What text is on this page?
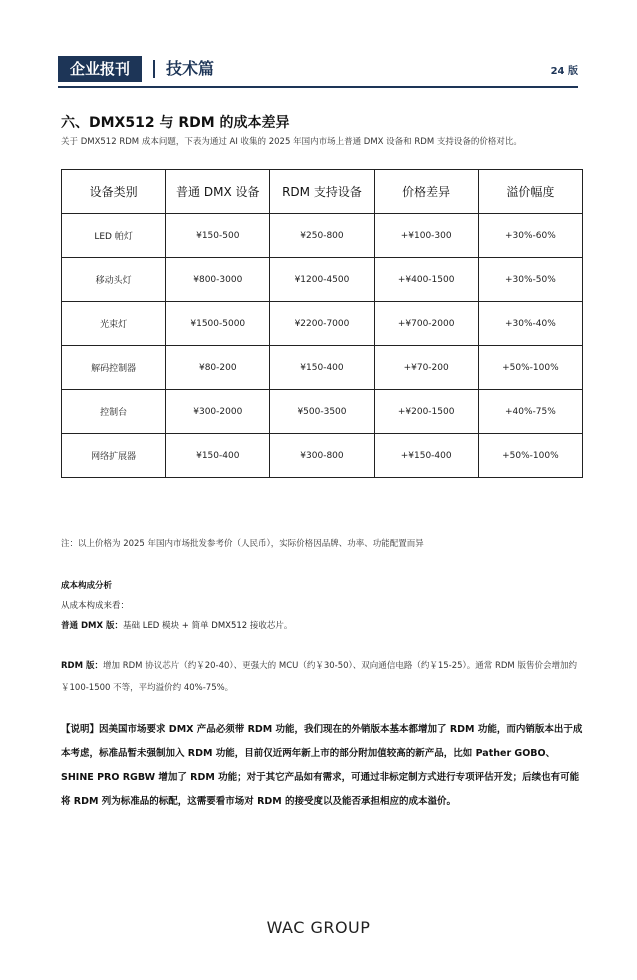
企业报刊	技术篇	24 版
六、DMX512 与 RDM 的成本差异
关于 DMX512 RDM 成本问题，下表为通过 AI 收集的 2025 年国内市场上普通 DMX 设备和 RDM 支持设备的价格对比。
设备类别	普通 DMX 设备	RDM 支持设备	价格差异	溢价幅度
LED 帕灯	¥150-500	¥250-800	+¥100-300	+30%-60%
移动头灯	¥800-3000	¥1200-4500	+¥400-1500	+30%-50%
光束灯	¥1500-5000	¥2200-7000	+¥700-2000	+30%-40%
解码控制器	¥80-200	¥150-400	+¥70-200	+50%-100%
控制台	¥300-2000	¥500-3500	+¥200-1500	+40%-75%
网络扩展器	¥150-400	¥300-800	+¥150-400	+50%-100%
注：以上价格为 2025 年国内市场批发参考价（人民币），实际价格因品牌、功率、功能配置而异
成本构成分析
从成本构成来看：
普通 DMX 版：基础 LED 模块 + 简单 DMX512 接收芯片。
RDM 版：增加 RDM 协议芯片（约￥20-40）、更强大的 MCU（约￥30-50）、双向通信电路（约￥15-25）。通常 RDM 版售价会增加约￥100-1500 不等，平均溢价约 40%-75%。
【说明】因美国市场要求 DMX 产品必须带 RDM 功能，我们现在的外销版本基本都增加了 RDM 功能，而内销版本出于成本考虑，标准品暂未强制加入 RDM 功能，目前仅近两年新上市的部分附加值较高的新产品，比如 Pather GOBO、SHINE PRO RGBW 增加了 RDM 功能；对于其它产品如有需求，可通过非标定制方式进行专项评估开发；后续也有可能将 RDM 列为标准品的标配，这需要看市场对 RDM 的接受度以及能否承担相应的成本溢价。
WAC GROUP
